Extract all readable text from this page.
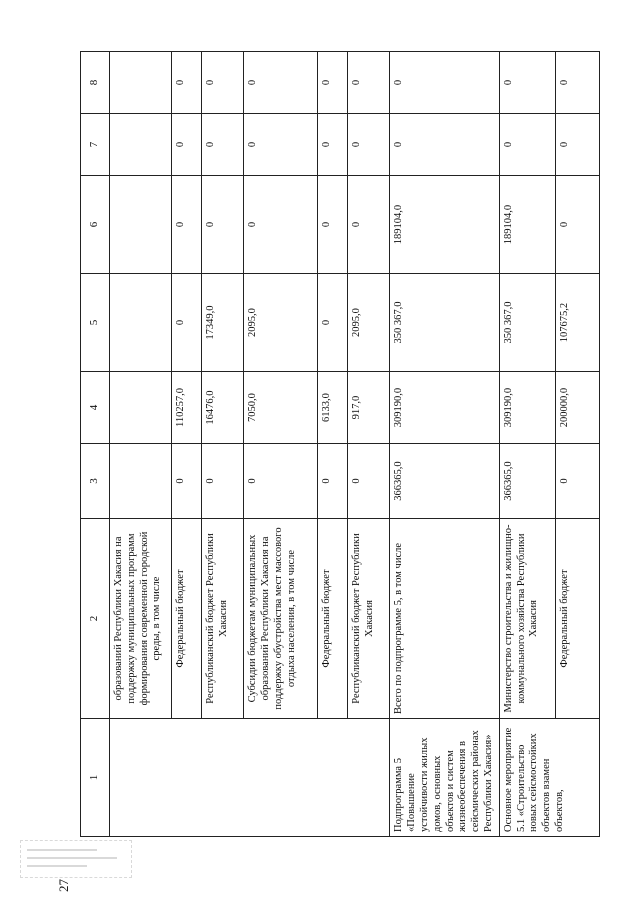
27
1	2	3	4	5	6	7	8
	образований Республики Хакасия на поддержку муниципальных программ формирования современной городской среды, в том числе						
	Федеральный бюджет	0	110257,0	0	0	0	0
	Республиканский бюджет Республики Хакасия	0	16476,0	17349,0	0	0	0
	Субсидии бюджетам муниципальных образований Республики Хакасия на поддержку обустройства мест массового отдыха населения, в том числе	0	7050,0	2095,0	0	0	0
	Федеральный бюджет	0	6133,0	0	0	0	0
	Республиканский бюджет Республики Хакасия	0	917,0	2095,0	0	0	0
Подпрограмма 5 «Повышение устойчивости жилых домов, основных объектов и систем жизнеобеспечения в сейсмических районах Республики Хакасия»	Всего по подпрограмме 5, в том числе	366365,0	309190,0	350 367,0	189104,0	0	0
Основное мероприятие 5.1 «Строительство новых сейсмостойких объектов взамен объектов,	Министерство строительства и жилищно-коммунального хозяйства Республики Хакасия	366365,0	309190,0	350 367,0	189104,0	0	0
	Федеральный бюджет	0	200000,0	107675,2	0	0	0
